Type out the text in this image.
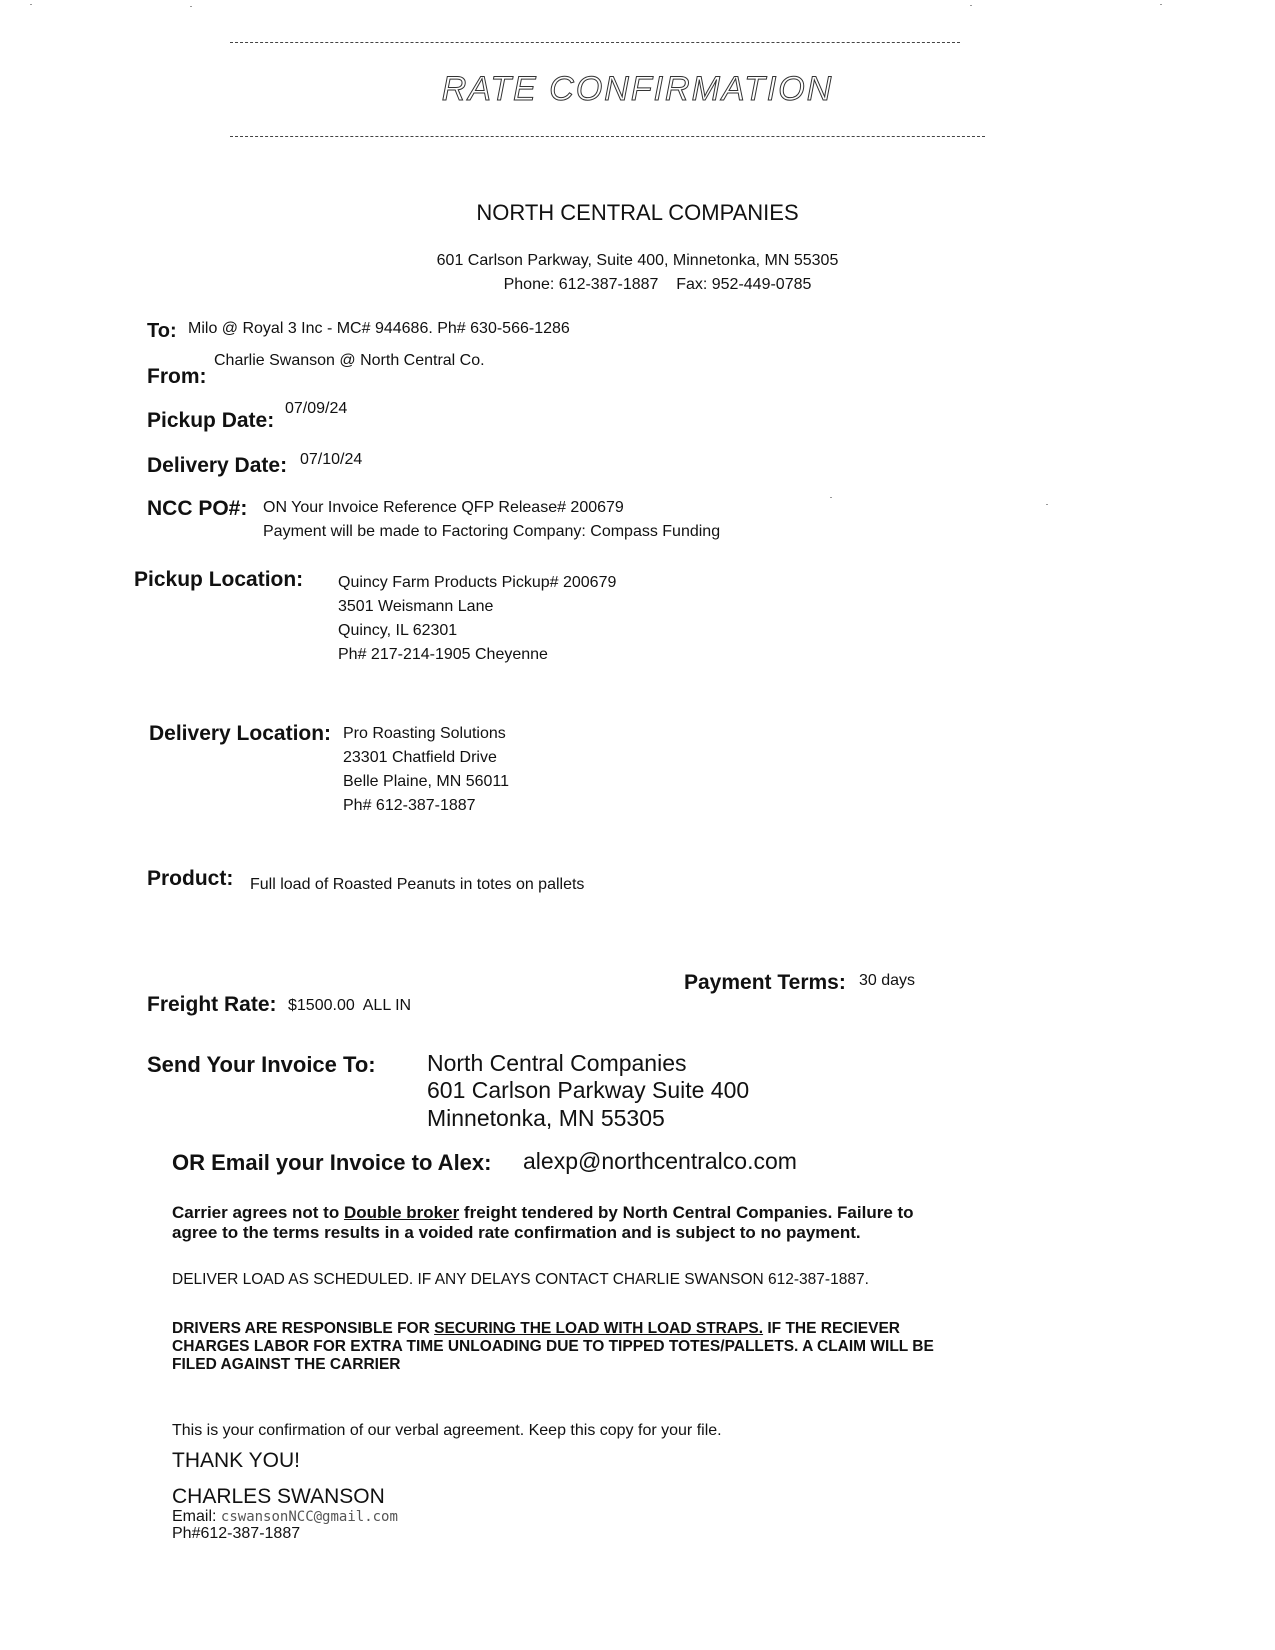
RATE CONFIRMATION
NORTH CENTRAL COMPANIES
601 Carlson Parkway, Suite 400, Minnetonka, MN 55305
Phone: 612-387-1887    Fax: 952-449-0785
To: Milo @ Royal 3 Inc - MC# 944686. Ph# 630-566-1286
From:
Charlie Swanson @ North Central Co.
Pickup Date:
07/09/24
Delivery Date: 07/10/24
NCC PO#: ON Your Invoice Reference QFP Release# 200679
Payment will be made to Factoring Company: Compass Funding
Pickup Location: Quincy Farm Products Pickup# 200679
3501 Weismann Lane
Quincy, IL 62301
Ph# 217-214-1905 Cheyenne
Delivery Location: Pro Roasting Solutions
23301 Chatfield Drive
Belle Plaine, MN 56011
Ph# 612-387-1887
Product: Full load of Roasted Peanuts in totes on pallets
Payment Terms: 30 days
Freight Rate: $1500.00  ALL IN
Send Your Invoice To: North Central Companies
601 Carlson Parkway Suite 400
Minnetonka, MN 55305
OR Email your Invoice to Alex: alexp@northcentralco.com
Carrier agrees not to Double broker freight tendered by North Central Companies. Failure to
agree to the terms results in a voided rate confirmation and is subject to no payment.
DELIVER LOAD AS SCHEDULED. IF ANY DELAYS CONTACT CHARLIE SWANSON 612-387-1887.
DRIVERS ARE RESPONSIBLE FOR SECURING THE LOAD WITH LOAD STRAPS. IF THE RECIEVER
CHARGES LABOR FOR EXTRA TIME UNLOADING DUE TO TIPPED TOTES/PALLETS. A CLAIM WILL BE
FILED AGAINST THE CARRIER
This is your confirmation of our verbal agreement. Keep this copy for your file.
THANK YOU!
CHARLES SWANSON
Email: cswansonNCC@gmail.com
Ph#612-387-1887
